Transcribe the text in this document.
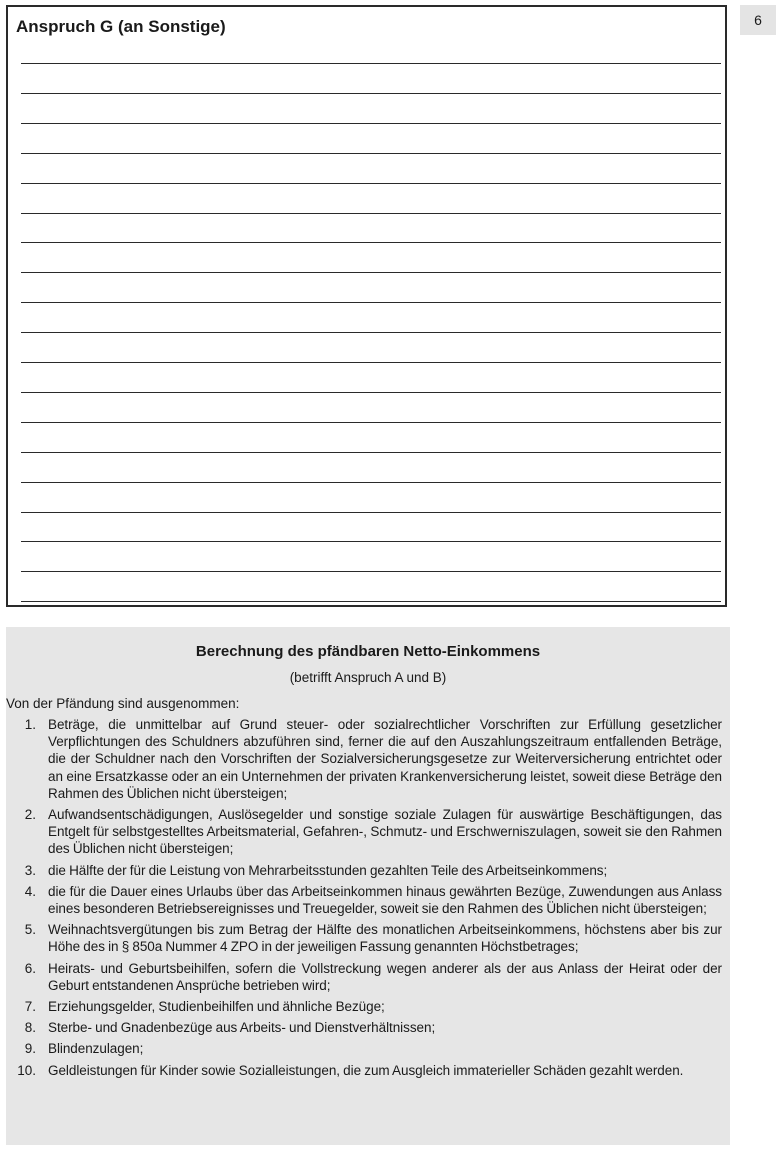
6
Anspruch G (an Sonstige)
Berechnung des pfändbaren Netto-Einkommens
(betrifft Anspruch A und B)
Von der Pfändung sind ausgenommen:
1. Beträge, die unmittelbar auf Grund steuer- oder sozialrechtlicher Vorschriften zur Erfüllung gesetzlicher Verpflichtungen des Schuldners abzuführen sind, ferner die auf den Auszahlungszeitraum entfallenden Beträge, die der Schuldner nach den Vorschriften der Sozialversicherungsgesetze zur Weiterversicherung entrichtet oder an eine Ersatzkasse oder an ein Unternehmen der privaten Krankenversicherung leistet, soweit diese Beträge den Rahmen des Üblichen nicht übersteigen;
2. Aufwandsentschädigungen, Auslösegelder und sonstige soziale Zulagen für auswärtige Beschäftigungen, das Entgelt für selbstgestelltes Arbeitsmaterial, Gefahren-, Schmutz- und Erschwerniszulagen, soweit sie den Rahmen des Üblichen nicht übersteigen;
3. die Hälfte der für die Leistung von Mehrarbeitsstunden gezahlten Teile des Arbeitseinkommens;
4. die für die Dauer eines Urlaubs über das Arbeitseinkommen hinaus gewährten Bezüge, Zuwendungen aus Anlass eines besonderen Betriebsereignisses und Treuegelder, soweit sie den Rahmen des Üblichen nicht übersteigen;
5. Weihnachtsvergütungen bis zum Betrag der Hälfte des monatlichen Arbeitseinkommens, höchstens aber bis zur Höhe des in § 850a Nummer 4 ZPO in der jeweiligen Fassung genannten Höchstbetrages;
6. Heirats- und Geburtsbeihilfen, sofern die Vollstreckung wegen anderer als der aus Anlass der Heirat oder der Geburt entstandenen Ansprüche betrieben wird;
7. Erziehungsgelder, Studienbeihilfen und ähnliche Bezüge;
8. Sterbe- und Gnadenbezüge aus Arbeits- und Dienstverhältnissen;
9. Blindenzulagen;
10. Geldleistungen für Kinder sowie Sozialleistungen, die zum Ausgleich immaterieller Schäden gezahlt werden.
